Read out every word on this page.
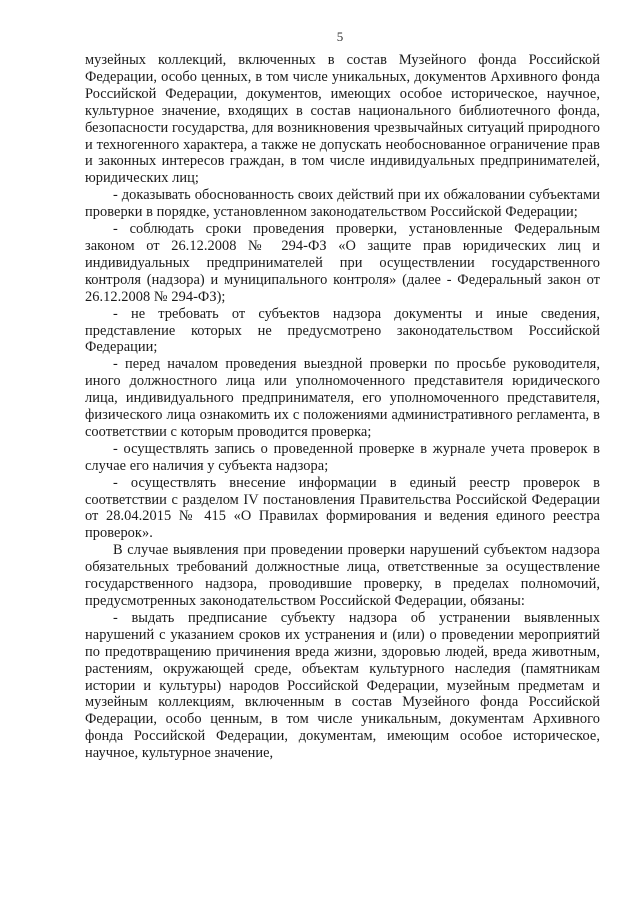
5

музейных коллекций, включенных в состав Музейного фонда Российской Федерации, особо ценных, в том числе уникальных, документов Архивного фонда Российской Федерации, документов, имеющих особое историческое, научное, культурное значение, входящих в состав национального библиотечного фонда, безопасности государства, для возникновения чрезвычайных ситуаций природного и техногенного характера, а также не допускать необоснованное ограничение прав и законных интересов граждан, в том числе индивидуальных предпринимателей, юридических лиц;

- доказывать обоснованность своих действий при их обжаловании субъектами проверки в порядке, установленном законодательством Российской Федерации;

- соблюдать сроки проведения проверки, установленные Федеральным законом от 26.12.2008 № 294-ФЗ «О защите прав юридических лиц и индивидуальных предпринимателей при осуществлении государственного контроля (надзора) и муниципального контроля» (далее - Федеральный закон от 26.12.2008 № 294-ФЗ);

- не требовать от субъектов надзора документы и иные сведения, представление которых не предусмотрено законодательством Российской Федерации;

- перед началом проведения выездной проверки по просьбе руководителя, иного должностного лица или уполномоченного представителя юридического лица, индивидуального предпринимателя, его уполномоченного представителя, физического лица ознакомить их с положениями административного регламента, в соответствии с которым проводится проверка;

- осуществлять запись о проведенной проверке в журнале учета проверок в случае его наличия у субъекта надзора;

- осуществлять внесение информации в единый реестр проверок в соответствии с разделом IV постановления Правительства Российской Федерации от 28.04.2015 № 415 «О Правилах формирования и ведения единого реестра проверок».

В случае выявления при проведении проверки нарушений субъектом надзора обязательных требований должностные лица, ответственные за осуществление государственного надзора, проводившие проверку, в пределах полномочий, предусмотренных законодательством Российской Федерации, обязаны:

- выдать предписание субъекту надзора об устранении выявленных нарушений с указанием сроков их устранения и (или) о проведении мероприятий по предотвращению причинения вреда жизни, здоровью людей, вреда животным, растениям, окружающей среде, объектам культурного наследия (памятникам истории и культуры) народов Российской Федерации, музейным предметам и музейным коллекциям, включенным в состав Музейного фонда Российской Федерации, особо ценным, в том числе уникальным, документам Архивного фонда Российской Федерации, документам, имеющим особое историческое, научное, культурное значение,
